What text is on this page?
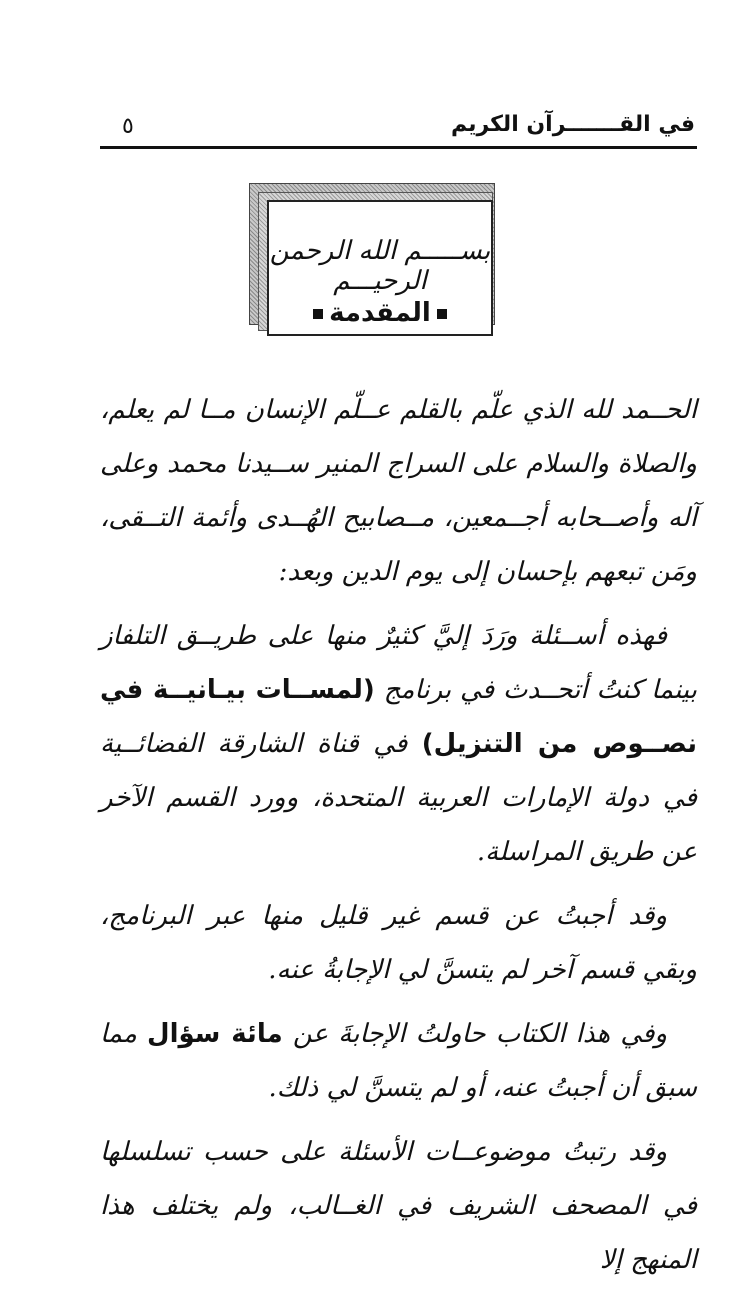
في القـــــــرآن الكريم
٥
بســـــم الله الرحمن الرحيـــم
المقدمة

الحــمد لله الذي علّم بالقلم عــلّم الإنسان مــا لم يعلم، والصلاة والسلام على السراج المنير ســيدنا محمد وعلى آله وأصــحابه أجــمعين، مــصابيح الهُــدى وأئمة التــقى، ومَن تبعهم بإحسان إلى يوم الدين وبعد:

فهذه أســئلة ورَدَ إليَّ كثيرٌ منها على طريــق التلفاز بينما كنتُ أتحــدث في برنامج (لمســات بيـانيــة في نصــوص من التنزيل) في قناة الشارقة الفضائــية في دولة الإمارات العربية المتحدة، وورد القسم الآخر عن طريق المراسلة.

وقد أجبتُ عن قسم غير قليل منها عبر البرنامج، وبقي قسم آخر لم يتسنَّ لي الإجابةُ عنه.

وفي هذا الكتاب حاولتُ الإجابةَ عن مائة سؤال مما سبق أن أجبتُ عنه، أو لم يتسنَّ لي ذلك.

وقد رتبتُ موضوعــات الأسئلة على حسب تسلسلها في المصحف الشريف في الغــالب، ولم يختلف هذا المنهج إلا
